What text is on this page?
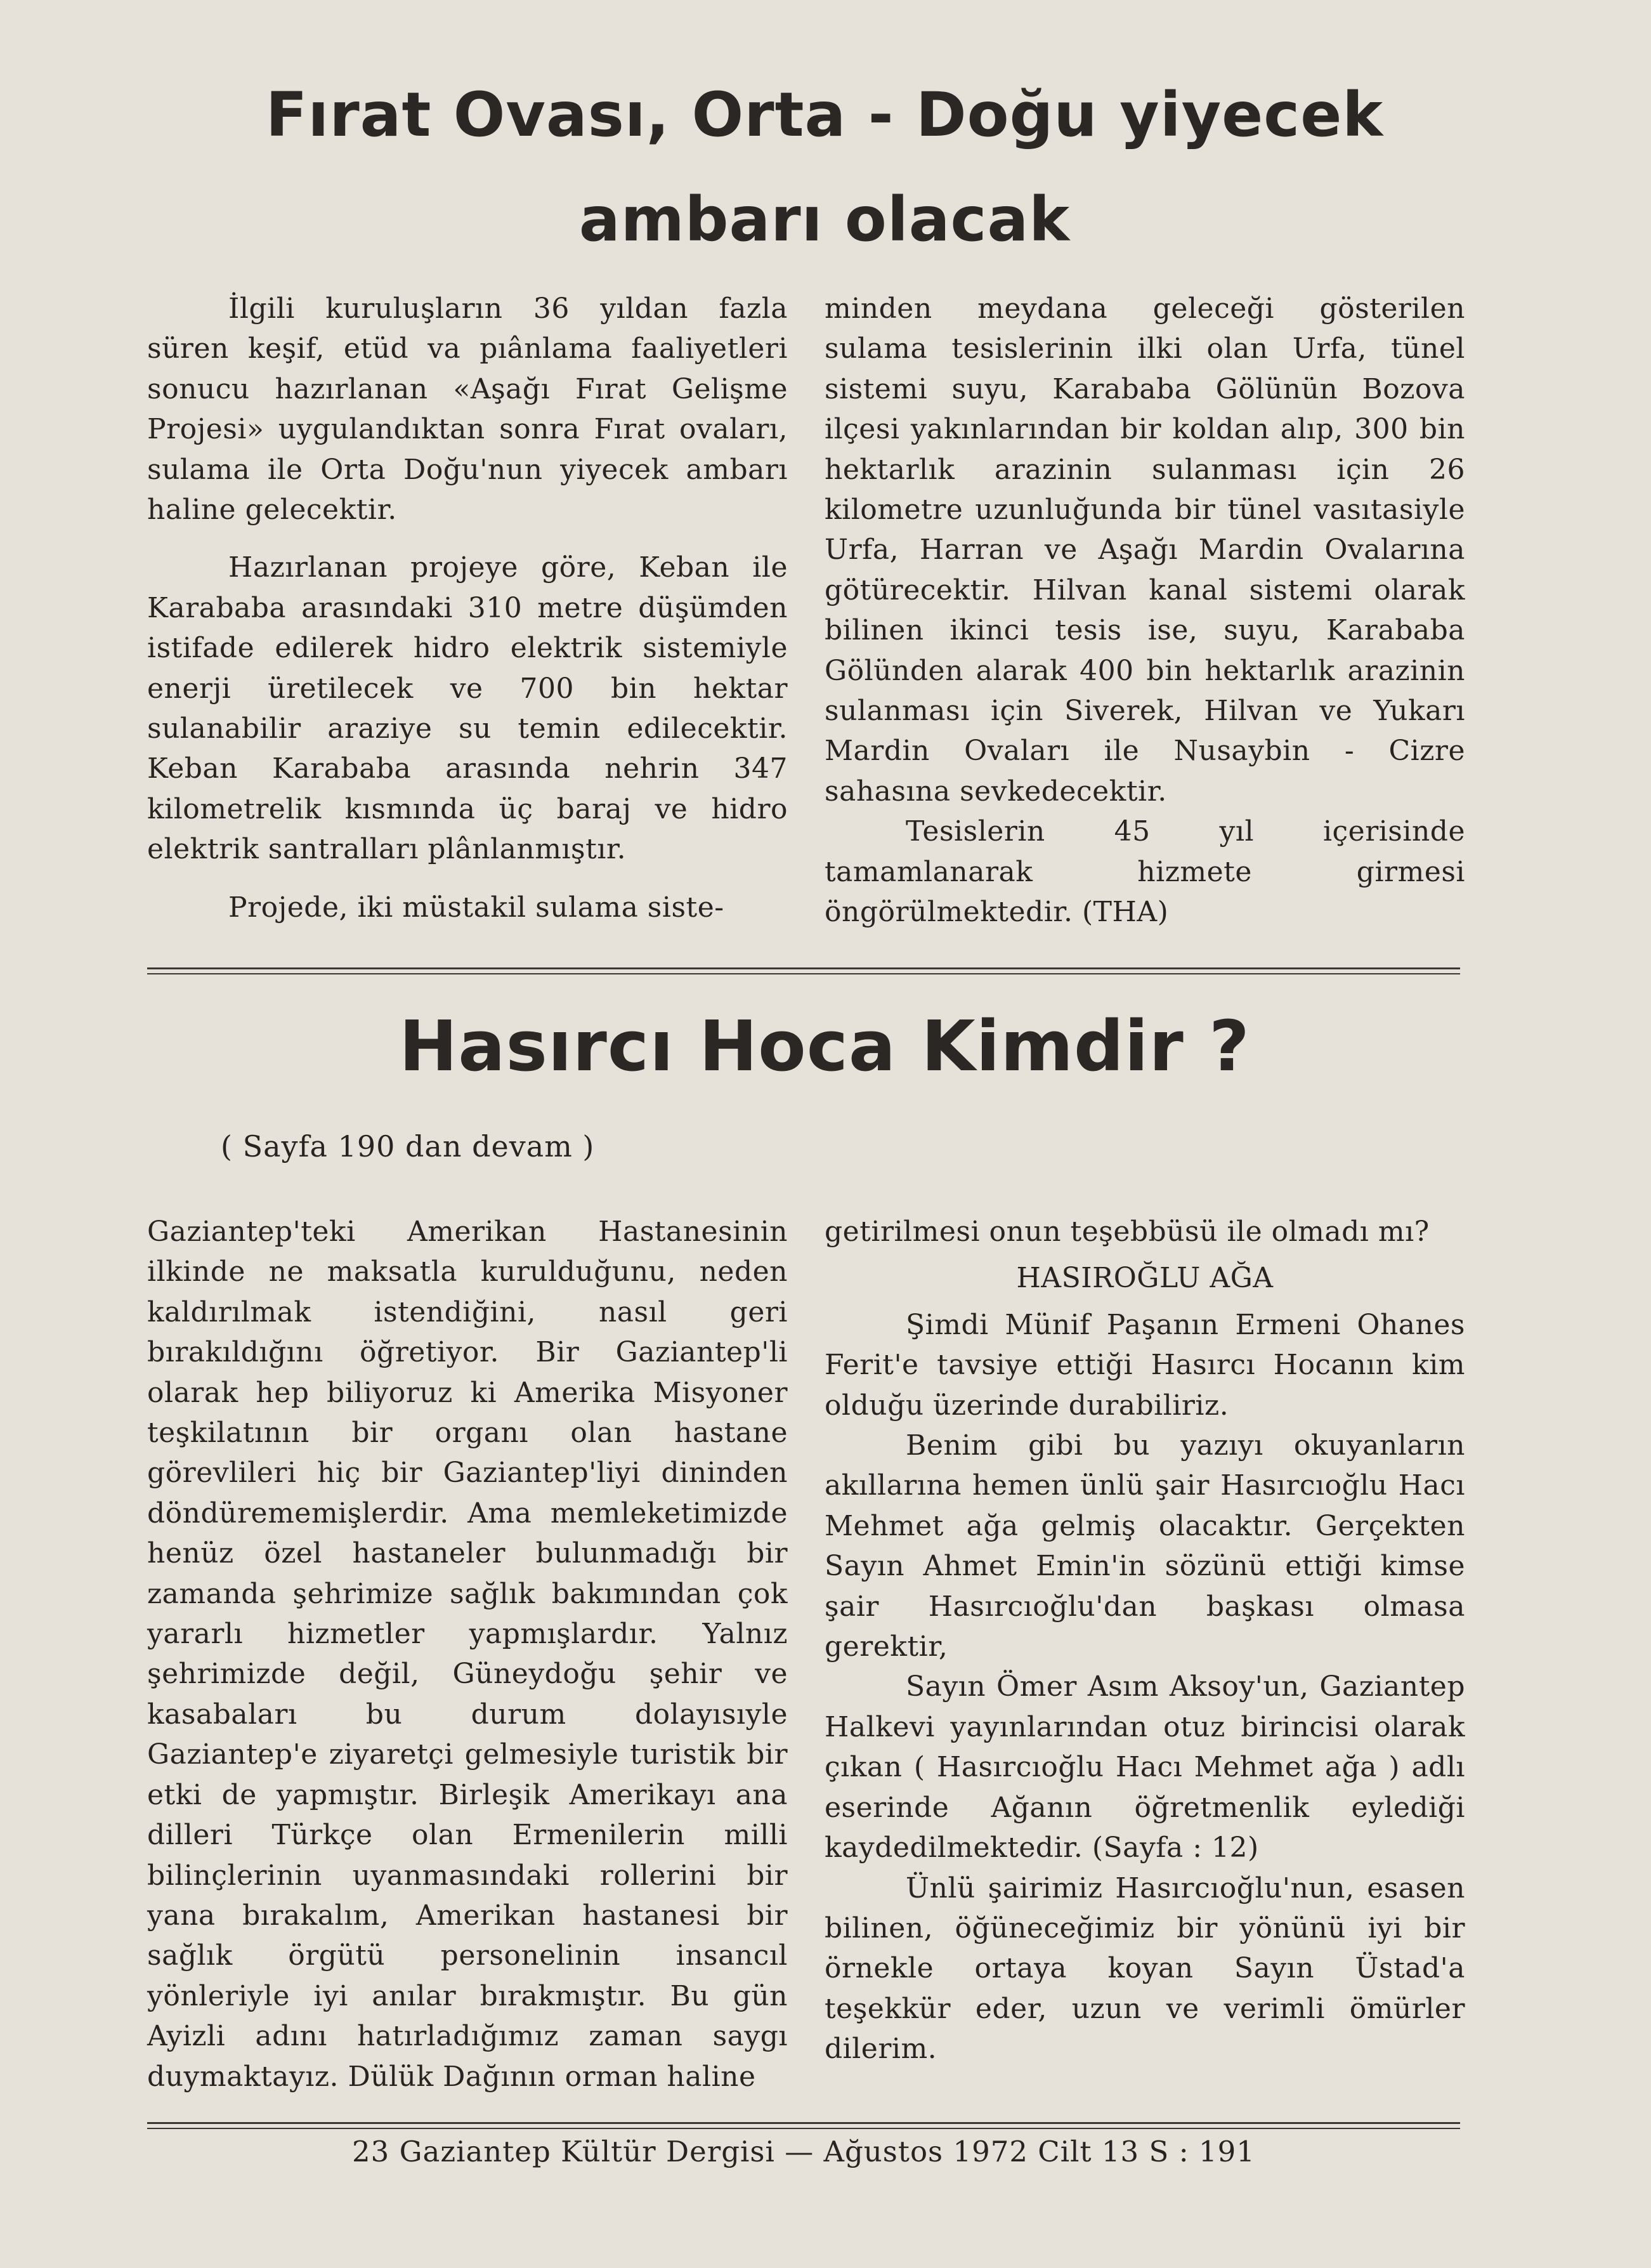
Fırat Ovası, Orta - Doğu yiyecek
ambarı olacak

İlgili kuruluşların 36 yıldan fazla süren keşif, etüd va pıânlama faaliyetleri sonucu hazırlanan «Aşağı Fırat Gelişme Projesi» uygulandıktan sonra Fırat ovaları, sulama ile Orta Doğu'nun yiyecek ambarı haline gelecektir.

Hazırlanan projeye göre, Keban ile Karababa arasındaki 310 metre düşümden istifade edilerek hidro elektrik sistemiyle enerji üretilecek ve 700 bin hektar sulanabilir araziye su temin edilecektir. Keban Karababa arasında nehrin 347 kilometrelik kısmında üç baraj ve hidro elektrik santralları plânlanmıştır.

Projede, iki müstakil sulama siste-

minden meydana geleceği gösterilen sulama tesislerinin ilki olan Urfa, tünel sistemi suyu, Karababa Gölünün Bozova ilçesi yakınlarından bir koldan alıp, 300 bin hektarlık arazinin sulanması için 26 kilometre uzunluğunda bir tünel vasıtasiyle Urfa, Harran ve Aşağı Mardin Ovalarına götürecektir. Hilvan kanal sistemi olarak bilinen ikinci tesis ise, suyu, Karababa Gölünden alarak 400 bin hektarlık arazinin sulanması için Siverek, Hilvan ve Yukarı Mardin Ovaları ile Nusaybin - Cizre sahasına sevkedecektir.

Tesislerin 45 yıl içerisinde tamamlanarak hizmete girmesi öngörülmektedir. (THA)

Hasırcı Hoca Kimdir ?
( Sayfa 190 dan devam )

Gaziantep'teki Amerikan Hastanesinin ilkinde ne maksatla kurulduğunu, neden kaldırılmak istendiğini, nasıl geri bırakıldığını öğretiyor. Bir Gaziantep'li olarak hep biliyoruz ki Amerika Misyoner teşkilatının bir organı olan hastane görevlileri hiç bir Gaziantep'liyi dininden döndürememişlerdir. Ama memleketimizde henüz özel hastaneler bulunmadığı bir zamanda şehrimize sağlık bakımından çok yararlı hizmetler yapmışlardır. Yalnız şehrimizde değil, Güneydoğu şehir ve kasabaları bu durum dolayısıyle Gaziantep'e ziyaretçi gelmesiyle turistik bir etki de yapmıştır. Birleşik Amerikayı ana dilleri Türkçe olan Ermenilerin milli bilinçlerinin uyanmasındaki rollerini bir yana bırakalım, Amerikan hastanesi bir sağlık örgütü personelinin insancıl yönleriyle iyi anılar bırakmıştır. Bu gün Ayizli adını hatırladığımız zaman saygı duymaktayız. Dülük Dağının orman haline

getirilmesi onun teşebbüsü ile olmadı mı?

HASIROĞLU AĞA

Şimdi Münif Paşanın Ermeni Ohanes Ferit'e tavsiye ettiği Hasırcı Hocanın kim olduğu üzerinde durabiliriz.

Benim gibi bu yazıyı okuyanların akıllarına hemen ünlü şair Hasırcıoğlu Hacı Mehmet ağa gelmiş olacaktır. Gerçekten Sayın Ahmet Emin'in sözünü ettiği kimse şair Hasırcıoğlu'dan başkası olmasa gerektir,

Sayın Ömer Asım Aksoy'un, Gaziantep Halkevi yayınlarından otuz birincisi olarak çıkan ( Hasırcıoğlu Hacı Mehmet ağa ) adlı eserinde Ağanın öğretmenlik eylediği kaydedilmektedir. (Sayfa : 12)

Ünlü şairimiz Hasırcıoğlu'nun, esasen bilinen, öğüneceğimiz bir yönünü iyi bir örnekle ortaya koyan Sayın Üstad'a teşekkür eder, uzun ve verimli ömürler dilerim.

23 Gaziantep Kültür Dergisi — Ağustos 1972 Cilt 13 S : 191
